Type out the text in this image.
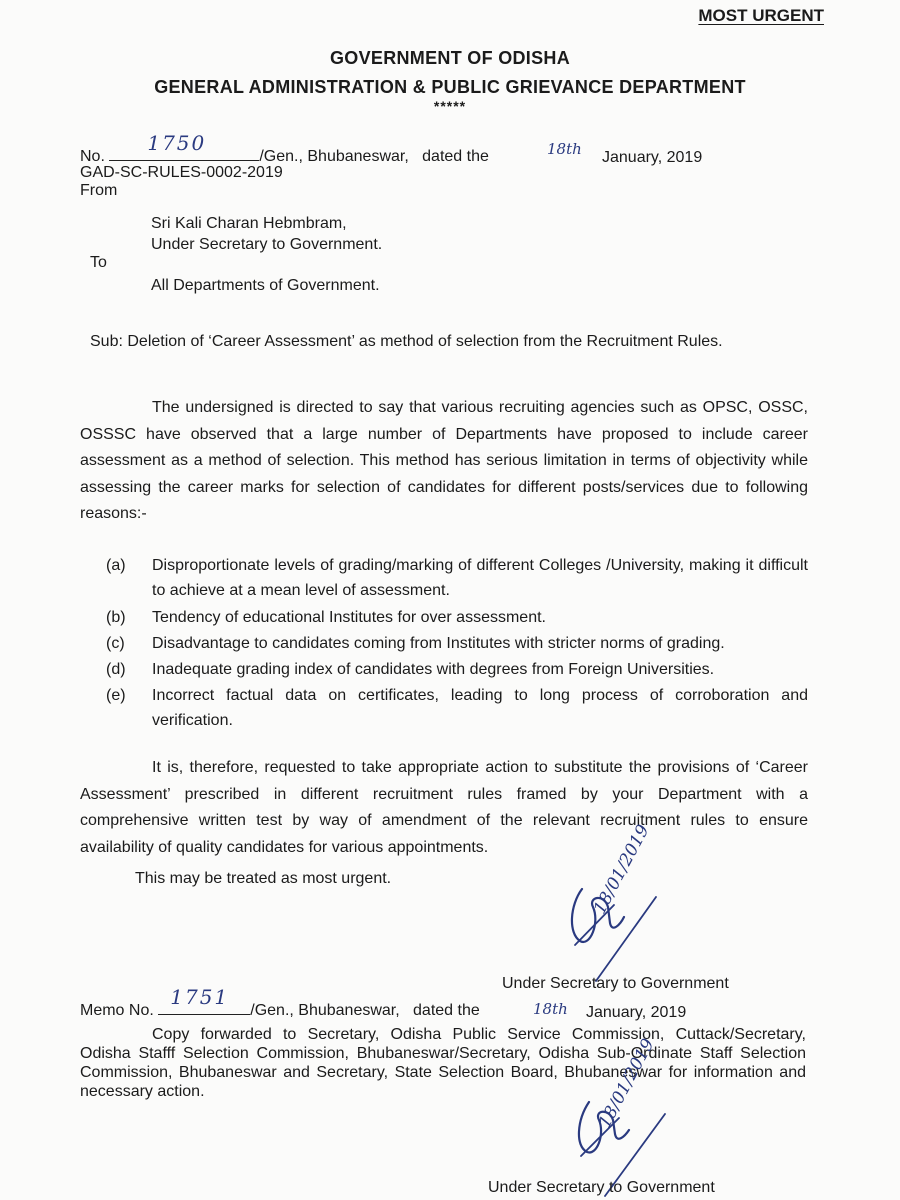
MOST URGENT
GOVERNMENT OF ODISHA
GENERAL ADMINISTRATION & PUBLIC GRIEVANCE DEPARTMENT
*****
No.
1750
/Gen., Bhubaneswar, dated the	18th January, 2019
GAD-SC-RULES-0002-2019
From
Sri Kali Charan Hebmbram,
Under Secretary to Government.
To
All Departments of Government.
Sub: Deletion of ‘Career Assessment’ as method of selection from the Recruitment Rules.
The undersigned is directed to say that various recruiting agencies such as OPSC, OSSC, OSSSC have observed that a large number of Departments have proposed to include career assessment as a method of selection. This method has serious limitation in terms of objectivity while assessing the career marks for selection of candidates for different posts/services due to following reasons:-
(a) Disproportionate levels of grading/marking of different Colleges /University, making it difficult to achieve at a mean level of assessment.
(b) Tendency of educational Institutes for over assessment.
(c) Disadvantage to candidates coming from Institutes with stricter norms of grading.
(d) Inadequate grading index of candidates with degrees from Foreign Universities.
(e) Incorrect factual data on certificates, leading to long process of corroboration and verification.
It is, therefore, requested to take appropriate action to substitute the provisions of ‘Career Assessment’ prescribed in different recruitment rules framed by your Department with a comprehensive written test by way of amendment of the relevant recruitment rules to ensure availability of quality candidates for various appointments.
This may be treated as most urgent.	18/01/2019
Under Secretary to Government
Memo No.
1751
/Gen., Bhubaneswar, dated the	18th January, 2019
Copy forwarded to Secretary, Odisha Public Service Commission, Cuttack/Secretary, Odisha Stafff Selection Commission, Bhubaneswar/Secretary, Odisha Sub-Ordinate Staff Selection Commission, Bhubaneswar and Secretary, State Selection Board, Bhubaneswar for information and necessary action.	18/01/2019
Under Secretary to Government
